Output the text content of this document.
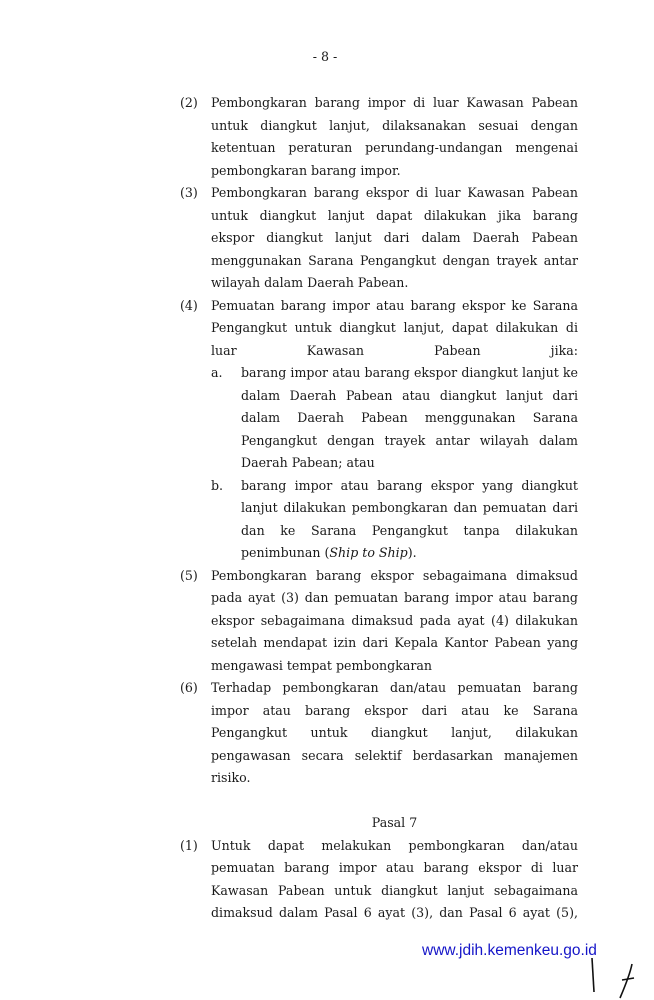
- 8 -
(2) Pembongkaran barang impor di luar Kawasan Pabean
untuk diangkut lanjut, dilaksanakan sesuai dengan
ketentuan peraturan perundang-undangan mengenai
pembongkaran barang impor.
(3) Pembongkaran barang ekspor di luar Kawasan Pabean
untuk diangkut lanjut dapat dilakukan jika barang
ekspor diangkut lanjut dari dalam Daerah Pabean
menggunakan Sarana Pengangkut dengan trayek antar
wilayah dalam Daerah Pabean.
(4) Pemuatan barang impor atau barang ekspor ke Sarana
Pengangkut untuk diangkut lanjut, dapat dilakukan di
luar Kawasan Pabean jika:
a. barang impor atau barang ekspor diangkut lanjut ke
dalam Daerah Pabean atau diangkut lanjut dari
dalam Daerah Pabean menggunakan Sarana
Pengangkut dengan trayek antar wilayah dalam
Daerah Pabean; atau
b. barang impor atau barang ekspor yang diangkut
lanjut dilakukan pembongkaran dan pemuatan dari
dan ke Sarana Pengangkut tanpa dilakukan
penimbunan (Ship to Ship).
(5) Pembongkaran barang ekspor sebagaimana dimaksud
pada ayat (3) dan pemuatan barang impor atau barang
ekspor sebagaimana dimaksud pada ayat (4) dilakukan
setelah mendapat izin dari Kepala Kantor Pabean yang
mengawasi tempat pembongkaran
(6) Terhadap pembongkaran dan/atau pemuatan barang
impor atau barang ekspor dari atau ke Sarana
Pengangkut untuk diangkut lanjut, dilakukan
pengawasan secara selektif berdasarkan manajemen
risiko.
Pasal 7
(1) Untuk dapat melakukan pembongkaran dan/atau
pemuatan barang impor atau barang ekspor di luar
Kawasan Pabean untuk diangkut lanjut sebagaimana
dimaksud dalam Pasal 6 ayat (3), dan Pasal 6 ayat (5),
www.jdih.kemenkeu.go.id
